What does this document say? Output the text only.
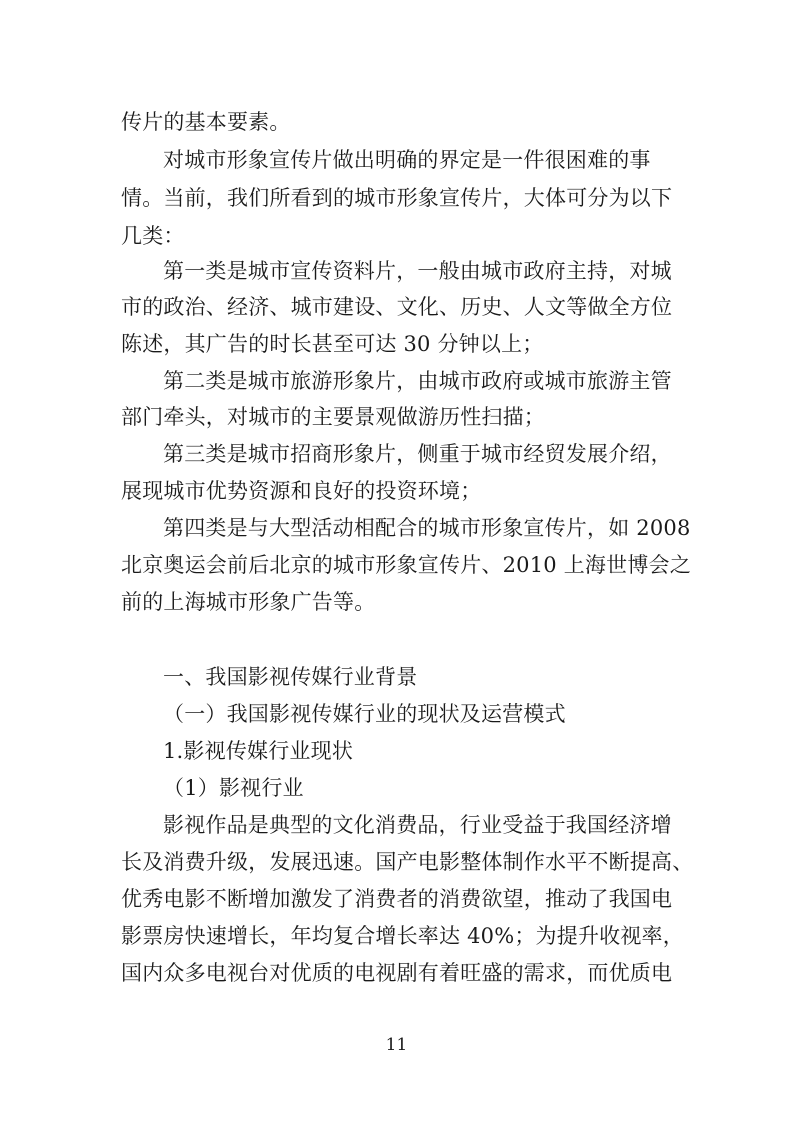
传片的基本要素。
对城市形象宣传片做出明确的界定是一件很困难的事
情。当前，我们所看到的城市形象宣传片，大体可分为以下
几类：
第一类是城市宣传资料片，一般由城市政府主持，对城
市的政治、经济、城市建设、文化、历史、人文等做全方位
陈述，其广告的时长甚至可达 30 分钟以上；
第二类是城市旅游形象片，由城市政府或城市旅游主管
部门牵头，对城市的主要景观做游历性扫描；
第三类是城市招商形象片，侧重于城市经贸发展介绍，
展现城市优势资源和良好的投资环境；
第四类是与大型活动相配合的城市形象宣传片，如 2008
北京奥运会前后北京的城市形象宣传片、2010 上海世博会之
前的上海城市形象广告等。
一、我国影视传媒行业背景
（一）我国影视传媒行业的现状及运营模式
1.影视传媒行业现状
（1）影视行业
影视作品是典型的文化消费品，行业受益于我国经济增
长及消费升级，发展迅速。国产电影整体制作水平不断提高、
优秀电影不断增加激发了消费者的消费欲望，推动了我国电
影票房快速增长，年均复合增长率达 40%；为提升收视率，
国内众多电视台对优质的电视剧有着旺盛的需求，而优质电
11
